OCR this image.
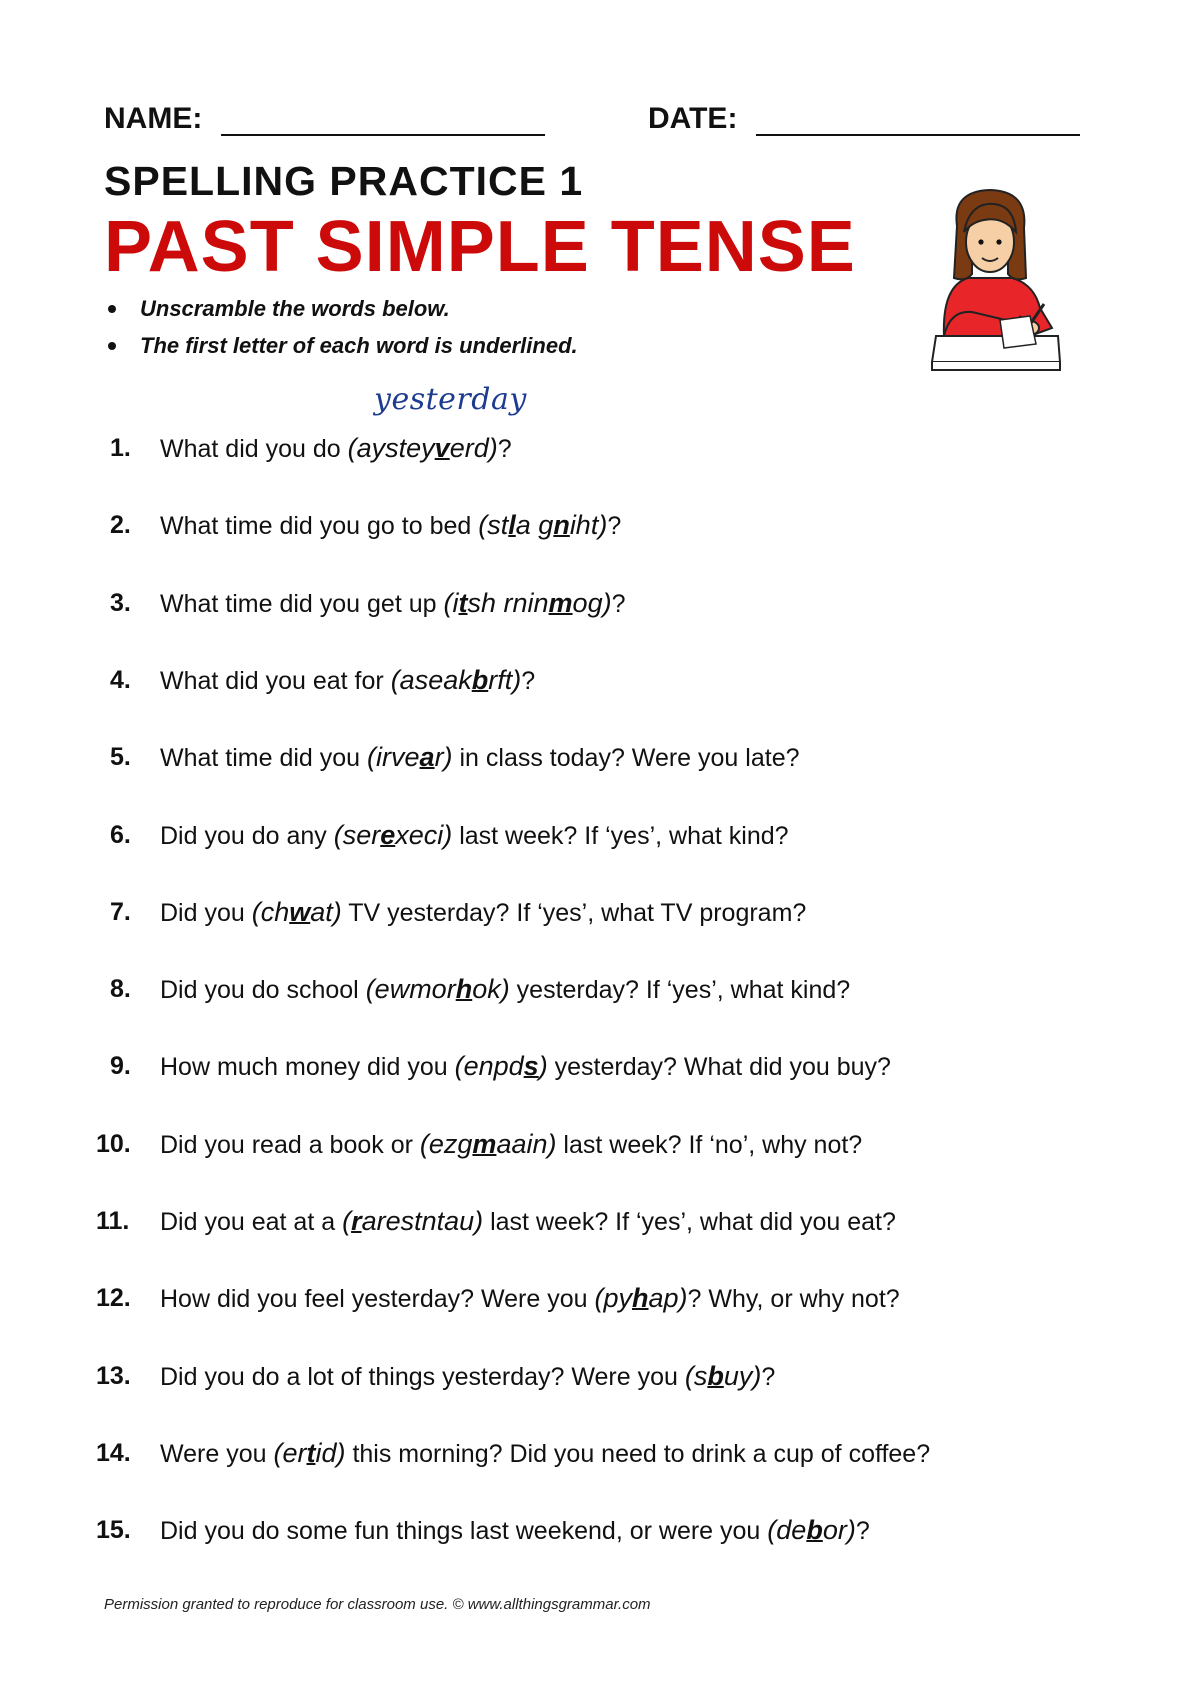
NAME:	DATE:
SPELLING PRACTICE 1
PAST SIMPLE TENSE
Unscramble the words below.
The first letter of each word is underlined.
yesterday
1. What did you do (aysteyverd)?
2. What time did you go to bed (stla gniht)?
3. What time did you get up (itsh rninmog)?
4. What did you eat for (aseakbrft)?
5. What time did you (irvear) in class today? Were you late?
6. Did you do any (serexeci) last week? If ‘yes’, what kind?
7. Did you (chwat) TV yesterday? If ‘yes’, what TV program?
8. Did you do school (ewmorhok) yesterday? If ‘yes’, what kind?
9. How much money did you (enpds) yesterday? What did you buy?
10. Did you read a book or (ezgmaain) last week? If ‘no’, why not?
11. Did you eat at a (rarestntau) last week? If ‘yes’, what did you eat?
12. How did you feel yesterday? Were you (pyhap)? Why, or why not?
13. Did you do a lot of things yesterday? Were you (sbuy)?
14. Were you (ertid) this morning? Did you need to drink a cup of coffee?
15. Did you do some fun things last weekend, or were you (debor)?
Permission granted to reproduce for classroom use. © www.allthingsgrammar.com
